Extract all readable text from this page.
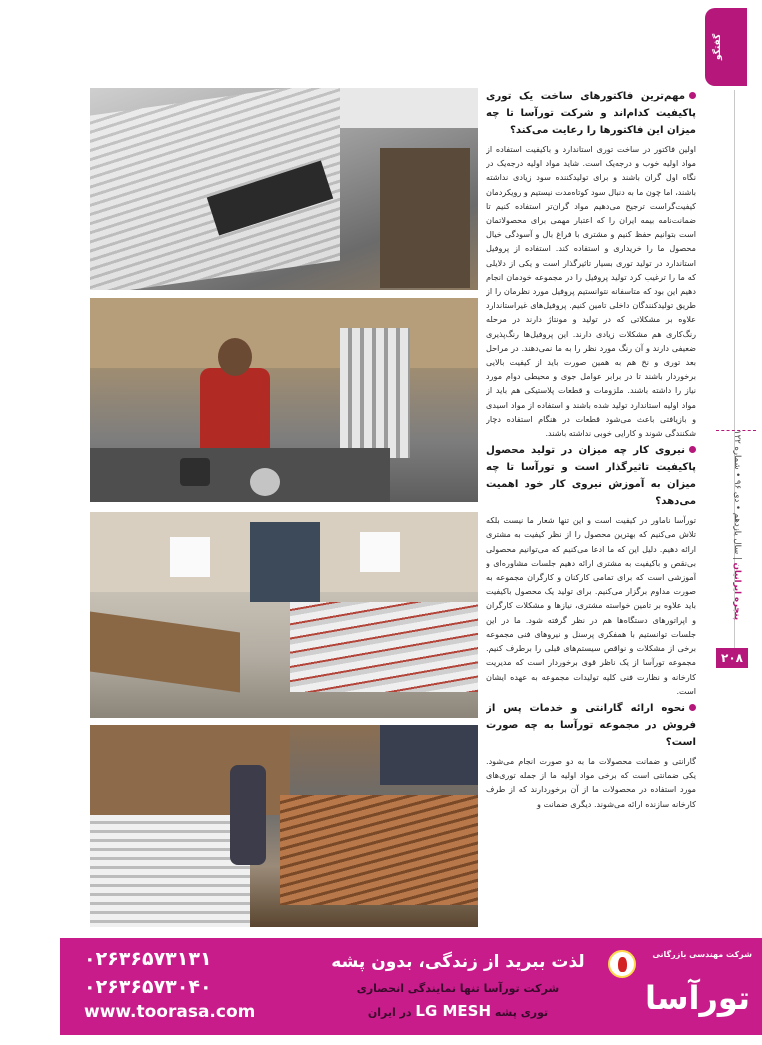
گفتگو
پنجره ایرانیان | سال یازدهم • دی ۹۶ • شماره ۱۲۲
۲۰۸
مهم‌ترین فاکتورهای ساخت یک توری پاکیفیت کدام‌اند و شرکت تورآسا تا چه میزان این فاکتورها را رعایت می‌کند؟
اولین فاکتور در ساخت توری استاندارد و باکیفیت استفاده از مواد اولیه خوب و درجه‌یک است. شاید مواد اولیه درجه‌یک در نگاه اول گران باشند و برای تولیدکننده سود زیادی نداشته باشند، اما چون ما به دنبال سود کوتاه‌مدت نیستیم و رویکردمان کیفیت‌گراست ترجیح می‌دهیم مواد گران‌تر استفاده کنیم تا ضمانت‌نامه بیمه ایران را که اعتبار مهمی برای محصولاتمان است بتوانیم حفظ کنیم و مشتری با فراغ بال و آسودگی خیال محصول ما را خریداری و استفاده کند. استفاده از پروفیل استاندارد در تولید توری بسیار تاثیرگذار است و یکی از دلایلی که ما را ترغیب کرد تولید پروفیل را در مجموعه خودمان انجام دهیم این بود که متاسفانه نتوانستیم پروفیل مورد نظرمان را از طریق تولیدکنندگان داخلی تامین کنیم. پروفیل‌های غیراستاندارد علاوه بر مشکلاتی که در تولید و مونتاژ دارند در مرحله رنگ‌کاری هم مشکلات زیادی دارند. این پروفیل‌ها رنگ‌پذیری ضعیفی دارند و آن رنگ مورد نظر را به ما نمی‌دهند. در مراحل بعد توری و نخ هم به همین صورت باید از کیفیت بالایی برخوردار باشند تا در برابر عوامل جوی و محیطی دوام مورد نیاز را داشته باشند. ملزومات و قطعات پلاستیکی هم باید از مواد اولیه استاندارد تولید شده باشند و استفاده از مواد اسیدی و بازیافتی باعث می‌شود قطعات در هنگام استفاده دچار شکنندگی شوند و کارایی خوبی نداشته باشند.
نیروی کار چه میزان در تولید محصول پاکیفیت تاثیرگذار است و تورآسا تا چه میزان به آموزش نیروی کار خود اهمیت می‌دهد؟
تورآسا ناماور در کیفیت است و این تنها شعار ما نیست بلکه تلاش می‌کنیم که بهترین محصول را از نظر کیفیت به مشتری ارائه دهیم. دلیل این که ما ادعا می‌کنیم که می‌توانیم محصولی بی‌نقص و باکیفیت به مشتری ارائه دهیم جلسات مشاوره‌ای و آموزشی است که برای تمامی کارکنان و کارگران مجموعه به صورت مداوم برگزار می‌کنیم. برای تولید یک محصول باکیفیت باید علاوه بر تامین خواسته مشتری، نیازها و مشکلات کارگران و اپراتورهای دستگاه‌ها هم در نظر گرفته شود. ما در این جلسات توانستیم با همفکری پرسنل و نیروهای فنی مجموعه برخی از مشکلات و نواقص سیستم‌های قبلی را برطرف کنیم. مجموعه تورآسا از یک ناظر قوی برخوردار است که مدیریت کارخانه و نظارت فنی کلیه تولیدات مجموعه به عهده ایشان است.
نحوه ارائه گارانتی و خدمات پس از فروش در مجموعه تورآسا به چه صورت است؟
گارانتی و ضمانت محصولات ما به دو صورت انجام می‌شود. یکی ضمانتی است که برخی مواد اولیه ما از جمله توری‌های مورد استفاده در محصولات ما از آن برخوردارند که از طرف کارخانه سازنده ارائه می‌شوند. دیگری ضمانت و
شرکت مهندسی بازرگانی
تورآسا
لذت ببرید از زندگی، بدون پشه
شرکت تورآسا تنها نمایندگی انحصاری
توری پشه LG MESH در ایران
۰۲۶۳۶۵۷۳۱۳۱
۰۲۶۳۶۵۷۳۰۴۰
www.toorasa.com
